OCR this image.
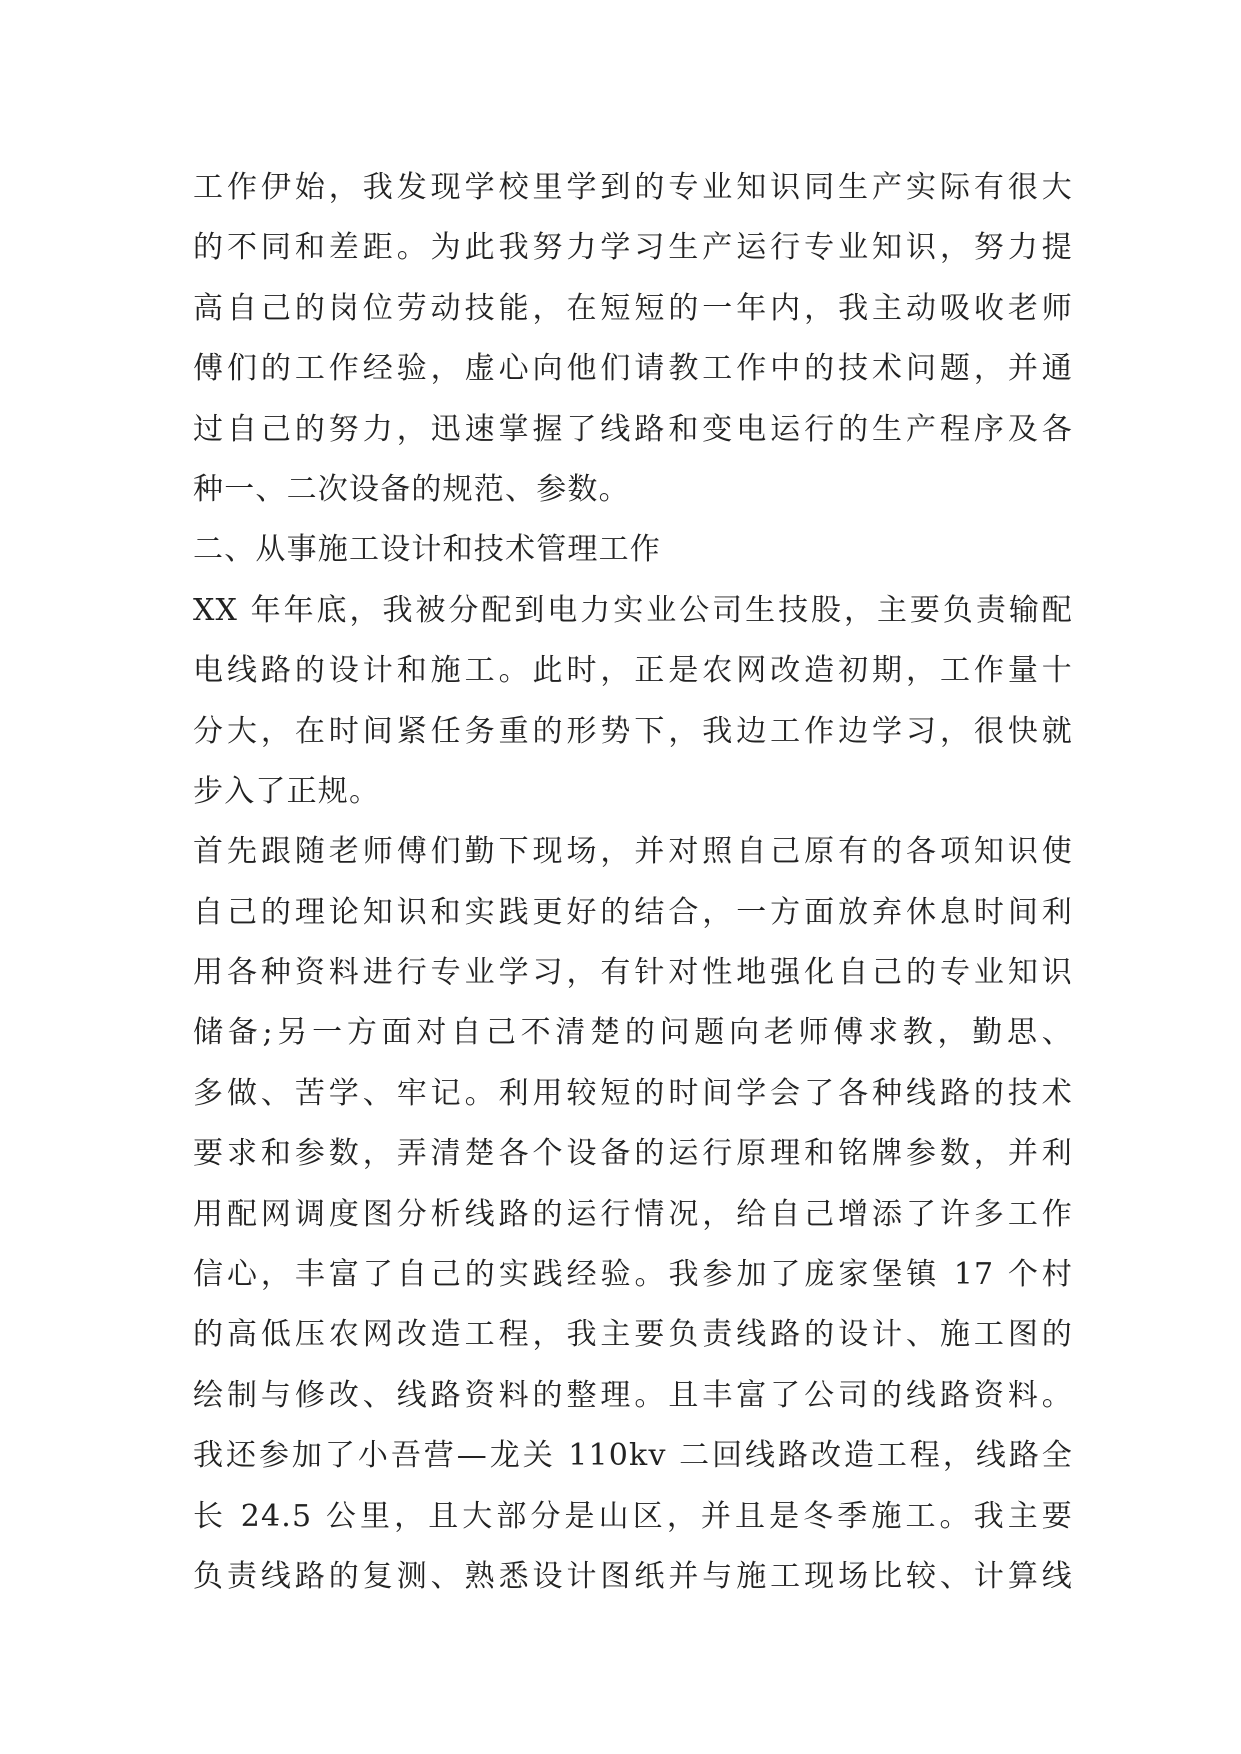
工作伊始，我发现学校里学到的专业知识同生产实际有很大
的不同和差距。为此我努力学习生产运行专业知识，努力提
高自己的岗位劳动技能，在短短的一年内，我主动吸收老师
傅们的工作经验，虚心向他们请教工作中的技术问题，并通
过自己的努力，迅速掌握了线路和变电运行的生产程序及各
种一、二次设备的规范、参数。
二、从事施工设计和技术管理工作
XX 年年底，我被分配到电力实业公司生技股，主要负责输配
电线路的设计和施工。此时，正是农网改造初期，工作量十
分大，在时间紧任务重的形势下，我边工作边学习，很快就
步入了正规。
首先跟随老师傅们勤下现场，并对照自己原有的各项知识使
自己的理论知识和实践更好的结合，一方面放弃休息时间利
用各种资料进行专业学习，有针对性地强化自己的专业知识
储备;另一方面对自己不清楚的问题向老师傅求教，勤思、
多做、苦学、牢记。利用较短的时间学会了各种线路的技术
要求和参数，弄清楚各个设备的运行原理和铭牌参数，并利
用配网调度图分析线路的运行情况，给自己增添了许多工作
信心，丰富了自己的实践经验。我参加了庞家堡镇 17 个村
的高低压农网改造工程，我主要负责线路的设计、施工图的
绘制与修改、线路资料的整理。且丰富了公司的线路资料。
我还参加了小吾营—龙关 110kv 二回线路改造工程，线路全
长 24.5 公里，且大部分是山区，并且是冬季施工。我主要
负责线路的复测、熟悉设计图纸并与施工现场比较、计算线
